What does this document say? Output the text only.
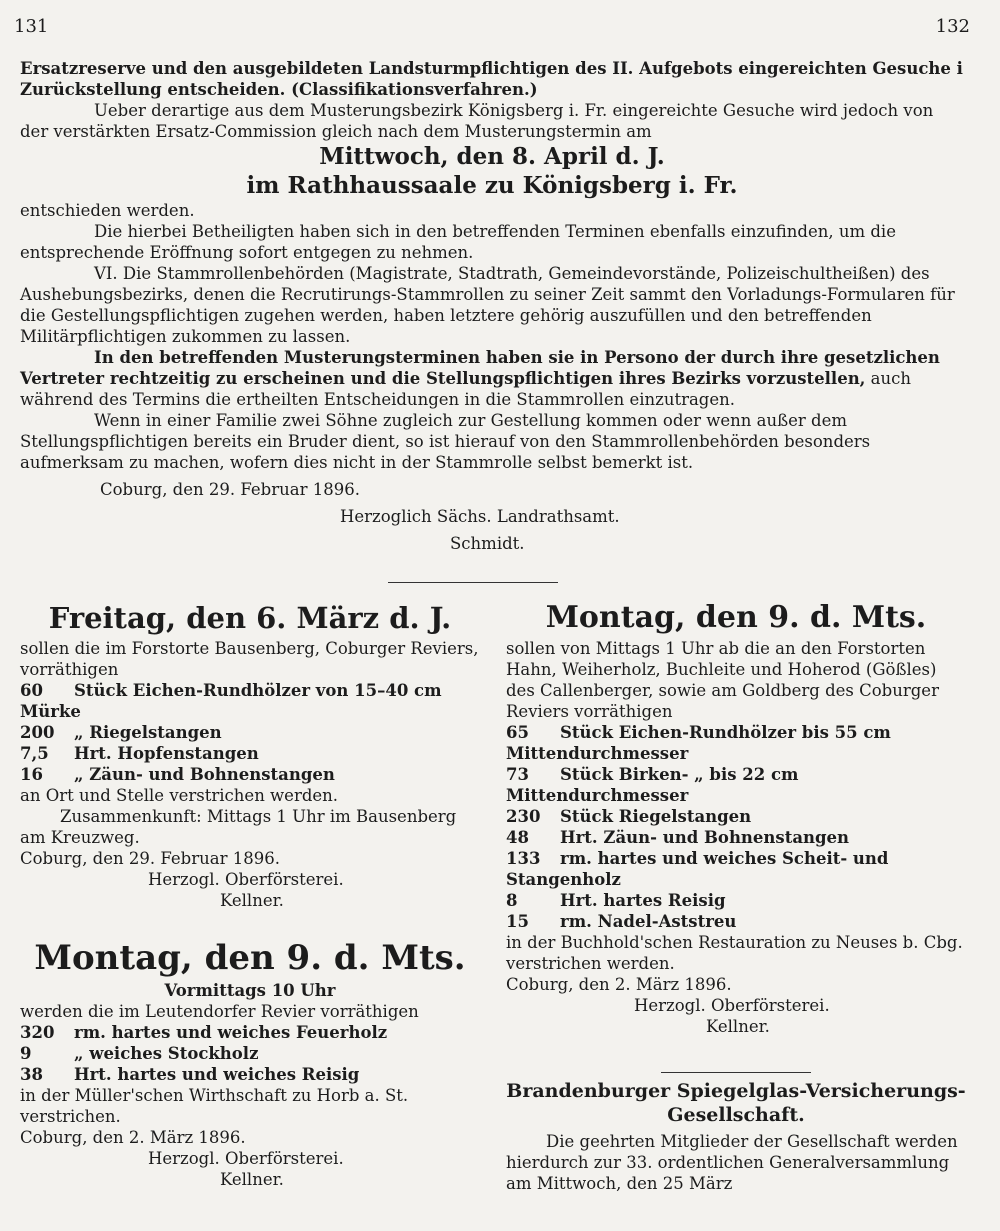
131	132

Ersatzreserve und den ausgebildeten Landsturmpflichtigen des II. Aufgebots eingereichten Gesuche i

Zurückstellung entscheiden. (Classifikationsverfahren.)

Ueber derartige aus dem Musterungsbezirk Königsberg i. Fr. eingereichte Gesuche wird jedoch von der verstärkten Ersatz-Commission gleich nach dem Musterungstermin am

Mittwoch, den 8. April d. J.

im Rathhaussaale zu Königsberg i. Fr.

entschieden werden.

Die hierbei Betheiligten haben sich in den betreffenden Terminen ebenfalls einzufinden, um die entsprechende Eröffnung sofort entgegen zu nehmen.

VI. Die Stammrollenbehörden (Magistrate, Stadtrath, Gemeindevorstände, Polizeischultheißen) des Aushebungsbezirks, denen die Recrutirungs-Stammrollen zu seiner Zeit sammt den Vorladungs-Formularen für die Gestellungspflichtigen zugehen werden, haben letztere gehörig auszufüllen und den betreffenden Militärpflichtigen zukommen zu lassen.

In den betreffenden Musterungsterminen haben sie in Persono der durch ihre gesetzlichen Vertreter rechtzeitig zu erscheinen und die Stellungspflichtigen ihres Bezirks vorzustellen, auch während des Termins die ertheilten Entscheidungen in die Stammrollen einzutragen.

Wenn in einer Familie zwei Söhne zugleich zur Gestellung kommen oder wenn außer dem Stellungspflichtigen bereits ein Bruder dient, so ist hierauf von den Stammrollenbehörden besonders aufmerksam zu machen, wofern dies nicht in der Stammrolle selbst bemerkt ist.

Coburg, den 29. Februar 1896.

Herzoglich Sächs. Landrathsamt.

Schmidt.

Freitag, den 6. März d. J.

sollen die im Forstorte Bausenberg, Coburger Reviers, vorräthigen

60 Stück Eichen-Rundhölzer von 15–40 cm Mürke

200 „ Riegelstangen

7,5 Hrt. Hopfenstangen

16 „ Zäun- und Bohnenstangen

an Ort und Stelle verstrichen werden.

Zusammenkunft: Mittags 1 Uhr im Bausenberg am Kreuzweg.

Coburg, den 29. Februar 1896.

Herzogl. Oberförsterei.

Kellner.

Montag, den 9. d. Mts.

Vormittags 10 Uhr

werden die im Leutendorfer Revier vorräthigen

320 rm. hartes und weiches Feuerholz

9	„ weiches Stockholz

38 Hrt. hartes und weiches Reisig

in der Müller'schen Wirthschaft zu Horb a. St. verstrichen.

Coburg, den 2. März 1896.

Herzogl. Oberförsterei.

Kellner.

Montag, den 9. d. Mts.

sollen von Mittags 1 Uhr ab die an den Forstorten Hahn, Weiherholz, Buchleite und Hoherod (Gößles) des Callenberger, sowie am Goldberg des Coburger Reviers vorräthigen

65 Stück Eichen-Rundhölzer bis 55 cm Mittendurchmesser

73 Stück Birken- „ bis 22 cm Mittendurchmesser

230 Stück Riegelstangen

48 Hrt. Zäun- und Bohnenstangen

133 rm. hartes und weiches Scheit- und Stangenholz

8	Hrt. hartes Reisig

15 rm. Nadel-Aststreu

in der Buchhold'schen Restauration zu Neuses b. Cbg. verstrichen werden.

Coburg, den 2. März 1896.

Herzogl. Oberförsterei.

Kellner.

Brandenburger Spiegelglas-Versicherungs-Gesellschaft.

Die geehrten Mitglieder der Gesellschaft werden hierdurch zur 33. ordentlichen Generalversammlung am Mittwoch, den 25 März
